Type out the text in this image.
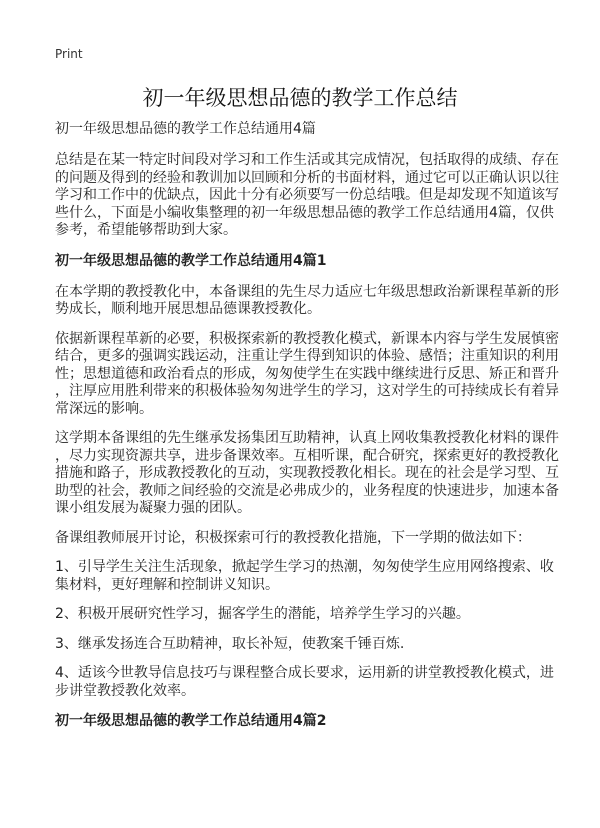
Print
初一年级思想品德的教学工作总结
初一年级思想品德的教学工作总结通用4篇
总结是在某一特定时间段对学习和工作生活或其完成情况，包括取得的成绩、存在
的问题及得到的经验和教训加以回顾和分析的书面材料，通过它可以正确认识以往
学习和工作中的优缺点，因此十分有必须要写一份总结哦。但是却发现不知道该写
些什么，下面是小编收集整理的初一年级思想品德的教学工作总结通用4篇，仅供
参考，希望能够帮助到大家。
初一年级思想品德的教学工作总结通用4篇1
在本学期的教授教化中，本备课组的先生尽力适应七年级思想政治新课程革新的形
势成长，顺利地开展思想品德课教授教化。
依据新课程革新的必要，积极探索新的教授教化模式，新课本内容与学生发展慎密
结合，更多的强调实践运动，注重让学生得到知识的体验、感悟；注重知识的利用
性；思想道德和政治看点的形成，匆匆使学生在实践中继续进行反思、矫正和晋升
，注厚应用胜利带来的积极体验匆匆进学生的学习，这对学生的可持续成长有着异
常深远的影响。
这学期本备课组的先生继承发扬集团互助精神，认真上网收集教授教化材料的课件
，尽力实现资源共享，进步备课效率。互相听课，配合研究，探索更好的教授教化
措施和路子，形成教授教化的互动，实现教授教化相长。现在的社会是学习型、互
助型的社会，教师之间经验的交流是必弗成少的，业务程度的快速进步，加速本备
课小组发展为凝聚力强的团队。
备课组教师展开讨论，积极探索可行的教授教化措施，下一学期的做法如下：
1、引导学生关注生活现象，掀起学生学习的热潮，匆匆使学生应用网络搜索、收
集材料，更好理解和控制讲义知识。
2、积极开展研究性学习，掘客学生的潜能，培养学生学习的兴趣。
3、继承发扬连合互助精神，取长补短，使教案千锤百炼.
4、适该今世教导信息技巧与课程整合成长要求，运用新的讲堂教授教化模式，进
步讲堂教授教化效率。
初一年级思想品德的教学工作总结通用4篇2
